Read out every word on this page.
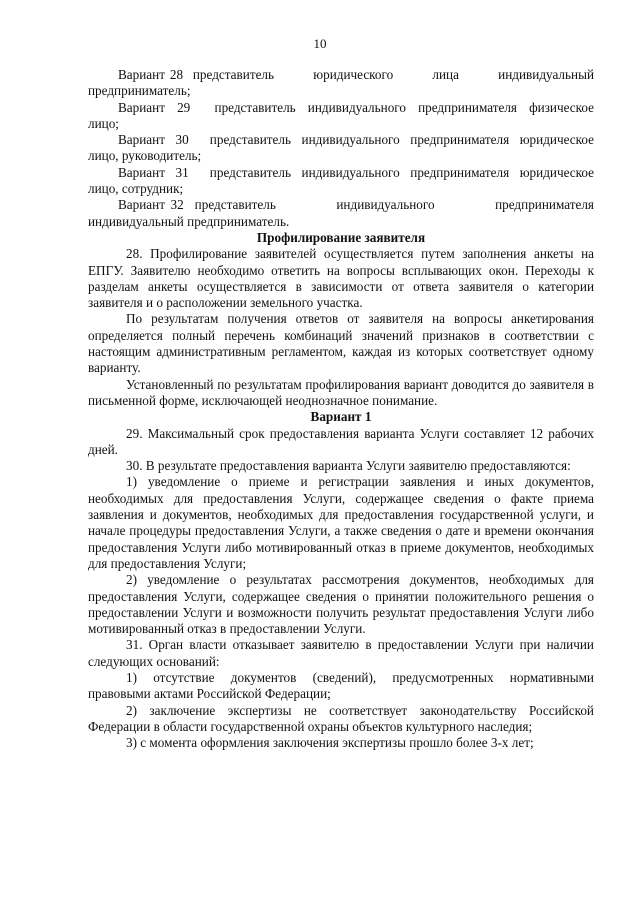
10

Вариант 28  представитель        юридического        лица        индивидуальный

предприниматель;

Вариант 29  представитель индивидуального предпринимателя физическое

лицо;

Вариант 30  представитель индивидуального предпринимателя юридическое

лицо, руководитель;

Вариант 31  представитель индивидуального предпринимателя юридическое

лицо, сотрудник;

Вариант 32  представитель           индивидуального           предпринимателя

индивидуальный предприниматель.

Профилирование заявителя

28. Профилирование заявителей осуществляется путем заполнения анкеты на ЕПГУ. Заявителю необходимо ответить на вопросы всплывающих окон. Переходы к разделам анкеты осуществляется в зависимости от ответа заявителя о категории заявителя и о расположении земельного участка.

По результатам получения ответов от заявителя на вопросы анкетирования определяется полный перечень комбинаций значений признаков в соответствии с настоящим административным регламентом, каждая из которых соответствует одному варианту.

Установленный по результатам профилирования вариант доводится до заявителя в письменной форме, исключающей неоднозначное понимание.

Вариант 1

29. Максимальный срок предоставления варианта Услуги составляет 12 рабочих дней.

30. В результате предоставления варианта Услуги заявителю предоставляются:

1) уведомление о приеме и регистрации заявления и иных документов, необходимых для предоставления Услуги, содержащее сведения о факте приема заявления и документов, необходимых для предоставления государственной услуги, и начале процедуры предоставления Услуги, а также сведения о дате и времени окончания предоставления Услуги либо мотивированный отказ в приеме документов, необходимых для предоставления Услуги;

2) уведомление о результатах рассмотрения документов, необходимых для предоставления Услуги, содержащее сведения о принятии положительного решения о предоставлении Услуги и возможности получить результат предоставления Услуги либо мотивированный отказ в предоставлении Услуги.

31. Орган власти отказывает заявителю в предоставлении Услуги при наличии следующих оснований:

1) отсутствие документов (сведений), предусмотренных нормативными правовыми актами Российской Федерации;

2) заключение экспертизы не соответствует законодательству Российской Федерации в области государственной охраны объектов культурного наследия;

3) с момента оформления заключения экспертизы прошло более 3-х лет;
